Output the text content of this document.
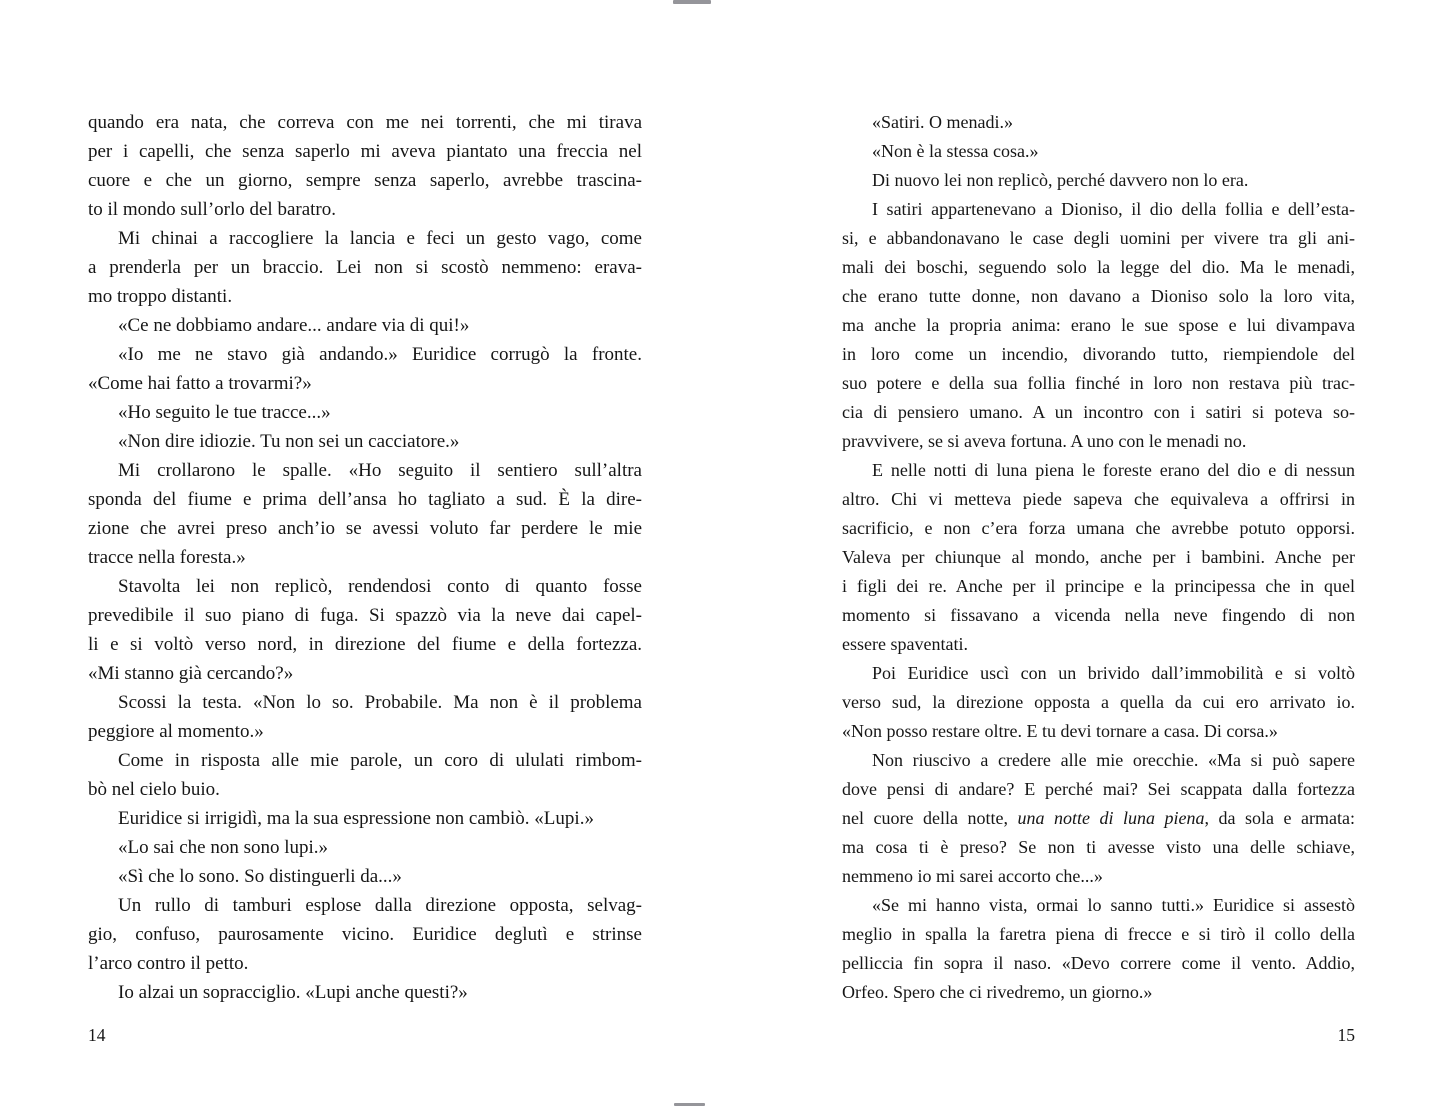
quando era nata, che correva con me nei torrenti, che mi tirava
per i capelli, che senza saperlo mi aveva piantato una freccia nel
cuore e che un giorno, sempre senza saperlo, avrebbe trascina-
to il mondo sull’orlo del baratro.

Mi chinai a raccogliere la lancia e feci un gesto vago, come
a prenderla per un braccio. Lei non si scostò nemmeno: erava-
mo troppo distanti.

«Ce ne dobbiamo andare... andare via di qui!»

«Io me ne stavo già andando.» Euridice corrugò la fronte.
«Come hai fatto a trovarmi?»

«Ho seguito le tue tracce...»

«Non dire idiozie. Tu non sei un cacciatore.»

Mi crollarono le spalle. «Ho seguito il sentiero sull’altra
sponda del fiume e prima dell’ansa ho tagliato a sud. È la dire-
zione che avrei preso anch’io se avessi voluto far perdere le mie
tracce nella foresta.»

Stavolta lei non replicò, rendendosi conto di quanto fosse
prevedibile il suo piano di fuga. Si spazzò via la neve dai capel-
li e si voltò verso nord, in direzione del fiume e della fortezza.
«Mi stanno già cercando?»

Scossi la testa. «Non lo so. Probabile. Ma non è il problema
peggiore al momento.»

Come in risposta alle mie parole, un coro di ululati rimbom-
bò nel cielo buio.

Euridice si irrigidì, ma la sua espressione non cambiò. «Lupi.»

«Lo sai che non sono lupi.»

«Sì che lo sono. So distinguerli da...»

Un rullo di tamburi esplose dalla direzione opposta, selvag-
gio, confuso, paurosamente vicino. Euridice deglutì e strinse
l’arco contro il petto.

Io alzai un sopracciglio. «Lupi anche questi?»

14

«Satiri. O menadi.»

«Non è la stessa cosa.»

Di nuovo lei non replicò, perché davvero non lo era.

I satiri appartenevano a Dioniso, il dio della follia e dell’esta-
si, e abbandonavano le case degli uomini per vivere tra gli ani-
mali dei boschi, seguendo solo la legge del dio. Ma le menadi,
che erano tutte donne, non davano a Dioniso solo la loro vita,
ma anche la propria anima: erano le sue spose e lui divampava
in loro come un incendio, divorando tutto, riempiendole del
suo potere e della sua follia finché in loro non restava più trac-
cia di pensiero umano. A un incontro con i satiri si poteva so-
pravvivere, se si aveva fortuna. A uno con le menadi no.

E nelle notti di luna piena le foreste erano del dio e di nessun
altro. Chi vi metteva piede sapeva che equivaleva a offrirsi in
sacrificio, e non c’era forza umana che avrebbe potuto opporsi.
Valeva per chiunque al mondo, anche per i bambini. Anche per
i figli dei re. Anche per il principe e la principessa che in quel
momento si fissavano a vicenda nella neve fingendo di non
essere spaventati.

Poi Euridice uscì con un brivido dall’immobilità e si voltò
verso sud, la direzione opposta a quella da cui ero arrivato io.
«Non posso restare oltre. E tu devi tornare a casa. Di corsa.»

Non riuscivo a credere alle mie orecchie. «Ma si può sapere
dove pensi di andare? E perché mai? Sei scappata dalla fortezza
nel cuore della notte, una notte di luna piena, da sola e armata:
ma cosa ti è preso? Se non ti avesse visto una delle schiave,
nemmeno io mi sarei accorto che...»

«Se mi hanno vista, ormai lo sanno tutti.» Euridice si assestò
meglio in spalla la faretra piena di frecce e si tirò il collo della
pelliccia fin sopra il naso. «Devo correre come il vento. Addio,
Orfeo. Spero che ci rivedremo, un giorno.»

15
